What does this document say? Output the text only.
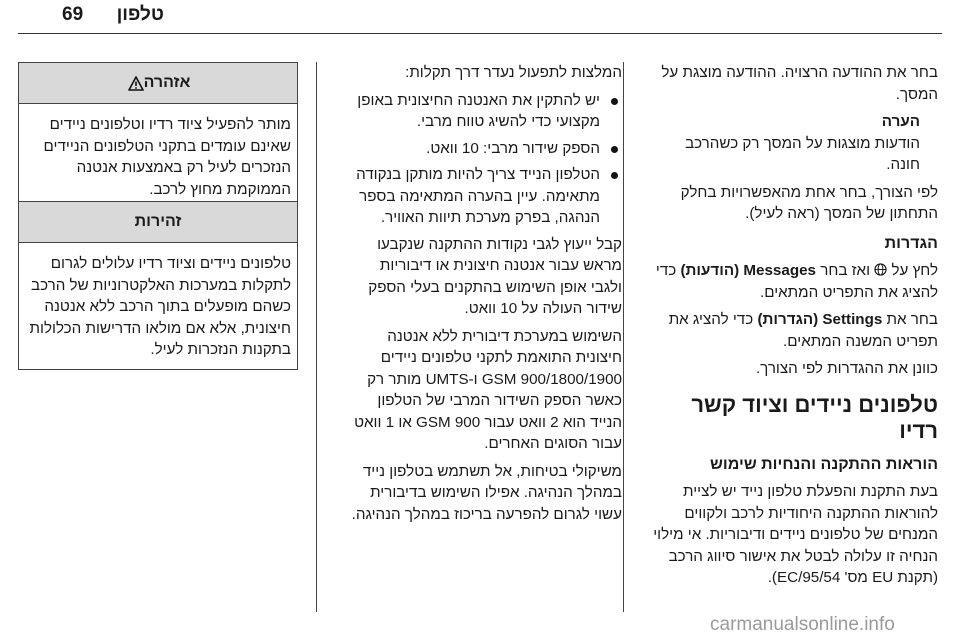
טלפון
69

בחר את ההודעה הרצויה. ההודעה מוצגת על המסך.

הערה

הודעות מוצגות על המסך רק כשהרכב חונה.

לפי הצורך, בחר אחת מהאפשרויות בחלק התחתון של המסך (ראה לעיל).

הגדרות

לחץ על  ואז בחר Messages (הודעות) כדי להציג את התפריט המתאים.

בחר את Settings (הגדרות) כדי להציג את תפריט המשנה המתאים.

כוונן את ההגדרות לפי הצורך.

טלפונים ניידים וציוד קשר רדיו

הוראות ההתקנה והנחיות שימוש

בעת התקנת והפעלת טלפון נייד יש לציית להוראות ההתקנה היחודיות לרכב ולקווים המנחים של טלפונים ניידים ודיבוריות. אי מילוי הנחיה זו עלולה לבטל את אישור סיווג הרכב (תקנת EU מס' 95/54/EC).

המלצות לתפעול נעדר דרך תקלות:

יש להתקין את האנטנה החיצונית באופן מקצועי כדי להשיג טווח מרבי.
הספק שידור מרבי: 10 וואט.
הטלפון הנייד צריך להיות מותקן בנקודה מתאימה. עיין בהערה המתאימה בספר הנהגה, בפרק מערכת תיוות האוויר.

קבל ייעוץ לגבי נקודות ההתקנה שנקבעו מראש עבור אנטנה חיצונית או דיבוריות ולגבי אופן השימוש בהתקנים בעלי הספק שידור העולה על 10 וואט.

השימוש במערכת דיבורית ללא אנטנה חיצונית התואמת לתקני טלפונים ניידים GSM 900/1800/1900 ו-UMTS מותר רק כאשר הספק השידור המרבי של הטלפון הנייד הוא 2 וואט עבור GSM 900 או 1 וואט עבור הסוגים האחרים.

משיקולי בטיחות, אל תשתמש בטלפון נייד במהלך הנהיגה. אפילו השימוש בדיבורית עשוי לגרום להפרעה בריכוז במהלך הנהיגה.

אזהרה
מותר להפעיל ציוד רדיו וטלפונים ניידים שאינם עומדים בתקני הטלפונים הניידים הנזכרים לעיל רק באמצעות אנטנה הממוקמת מחוץ לרכב.
זהירות
טלפונים ניידים וציוד רדיו עלולים לגרום לתקלות במערכות האלקטרוניות של הרכב כשהם מופעלים בתוך הרכב ללא אנטנה חיצונית, אלא אם מולאו הדרישות הכלולות בתקנות הנזכרות לעיל.
carmanualsonline.info
